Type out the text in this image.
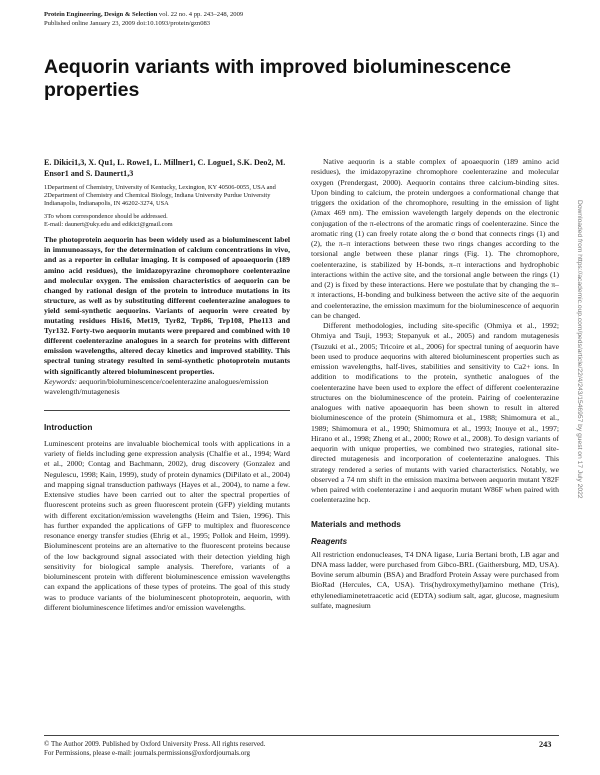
Protein Engineering, Design & Selection vol. 22 no. 4 pp. 243–248, 2009
Published online January 23, 2009 doi:10.1093/protein/gzn083
Aequorin variants with improved bioluminescence properties
E. Dikici1,3, X. Qu1, L. Rowe1, L. Millner1, C. Logue1, S.K. Deo2, M. Ensor1 and S. Daunert1,3
1Department of Chemistry, University of Kentucky, Lexington, KY 40506-0055, USA and 2Department of Chemistry and Chemical Biology, Indiana University Purdue University Indianapolis, Indianapolis, IN 46202-3274, USA
3To whom correspondence should be addressed.
E-mail: daunert@uky.edu and edikici@gmail.com

The photoprotein aequorin has been widely used as a bioluminescent label in immunoassays, for the determination of calcium concentrations in vivo, and as a reporter in cellular imaging. It is composed of apoaequorin (189 amino acid residues), the imidazopyrazine chromophore coelenterazine and molecular oxygen. The emission characteristics of aequorin can be changed by rational design of the protein to introduce mutations in its structure, as well as by substituting different coelenterazine analogues to yield semi-synthetic aequorins. Variants of aequorin were created by mutating residues His16, Met19, Tyr82, Trp86, Trp108, Phe113 and Tyr132. Forty-two aequorin mutants were prepared and combined with 10 different coelenterazine analogues in a search for proteins with different emission wavelengths, altered decay kinetics and improved stability. This spectral tuning strategy resulted in semi-synthetic photoprotein mutants with significantly altered bioluminescent properties.

Keywords: aequorin/bioluminescence/coelenterazine analogues/emission wavelength/mutagenesis

Introduction

Luminescent proteins are invaluable biochemical tools with applications in a variety of fields including gene expression analysis (Chalfie et al., 1994; Ward et al., 2000; Contag and Bachmann, 2002), drug discovery (Gonzalez and Negulescu, 1998; Kain, 1999), study of protein dynamics (DiPilato et al., 2004) and mapping signal transduction pathways (Hayes et al., 2004), to name a few. Extensive studies have been carried out to alter the spectral properties of fluorescent proteins such as green fluorescent protein (GFP) yielding mutants with different excitation/emission wavelengths (Heim and Tsien, 1996). This has further expanded the applications of GFP to multiplex and fluorescence resonance energy transfer studies (Ehrig et al., 1995; Pollok and Heim, 1999). Bioluminescent proteins are an alternative to the fluorescent proteins because of the low background signal associated with their detection yielding high sensitivity for biological sample analysis. Therefore, variants of a bioluminescent protein with different bioluminescence emission wavelengths can expand the applications of these types of proteins. The goal of this study was to produce variants of the bioluminescent photoprotein, aequorin, with different bioluminescence lifetimes and/or emission wavelengths.

Native aequorin is a stable complex of apoaequorin (189 amino acid residues), the imidazopyrazine chromophore coelenterazine and molecular oxygen (Prendergast, 2000). Aequorin contains three calcium-binding sites. Upon binding to calcium, the protein undergoes a conformational change that triggers the oxidation of the chromophore, resulting in the emission of light (λmax 469 nm). The emission wavelength largely depends on the electronic conjugation of the π-electrons of the aromatic rings of coelenterazine. Since the aromatic ring (1) can freely rotate along the σ bond that connects rings (1) and (2), the π–π interactions between these two rings changes according to the torsional angle between these planar rings (Fig. 1). The chromophore, coelenterazine, is stabilized by H-bonds, π–π interactions and hydrophobic interactions within the active site, and the torsional angle between the rings (1) and (2) is fixed by these interactions. Here we postulate that by changing the π–π interactions, H-bonding and bulkiness between the active site of the aequorin and coelenterazine, the emission maximum for the bioluminescence of aequorin can be changed.

Different methodologies, including site-specific (Ohmiya et al., 1992; Ohmiya and Tsuji, 1993; Stepanyuk et al., 2005) and random mutagenesis (Tsuzuki et al., 2005; Tricoire et al., 2006) for spectral tuning of aequorin have been used to produce aequorins with altered bioluminescent properties such as emission wavelengths, half-lives, stabilities and sensitivity to Ca2+ ions. In addition to modifications to the protein, synthetic analogues of the coelenterazine have been used to explore the effect of different coelenterazine structures on the bioluminescence of the protein. Pairing of coelenterazine analogues with native apoaequorin has been shown to result in altered bioluminescence of the protein (Shimomura et al., 1988; Shimomura et al., 1989; Shimomura et al., 1990; Shimomura et al., 1993; Inouye et al., 1997; Hirano et al., 1998; Zheng et al., 2000; Rowe et al., 2008). To design variants of aequorin with unique properties, we combined two strategies, rational site-directed mutagenesis and incorporation of coelenterazine analogues. This strategy rendered a series of mutants with varied characteristics. Notably, we observed a 74 nm shift in the emission maxima between aequorin mutant Y82F when paired with coelenterazine i and aequorin mutant W86F when paired with coelenterazine hcp.

Materials and methods
Reagents

All restriction endonucleases, T4 DNA ligase, Luria Bertani broth, LB agar and DNA mass ladder, were purchased from Gibco-BRL (Gaithersburg, MD, USA). Bovine serum albumin (BSA) and Bradford Protein Assay were purchased from BioRad (Hercules, CA, USA). Tris(hydroxymethyl)amino methane (Tris), ethylenediaminetetraacetic acid (EDTA) sodium salt, agar, glucose, magnesium sulfate, magnesium

© The Author 2009. Published by Oxford University Press. All rights reserved.
For Permissions, please e-mail: journals.permissions@oxfordjournals.org
243
Downloaded from https://academic.oup.com/peds/article/22/4/243/1546957 by guest on 17 July 2022
